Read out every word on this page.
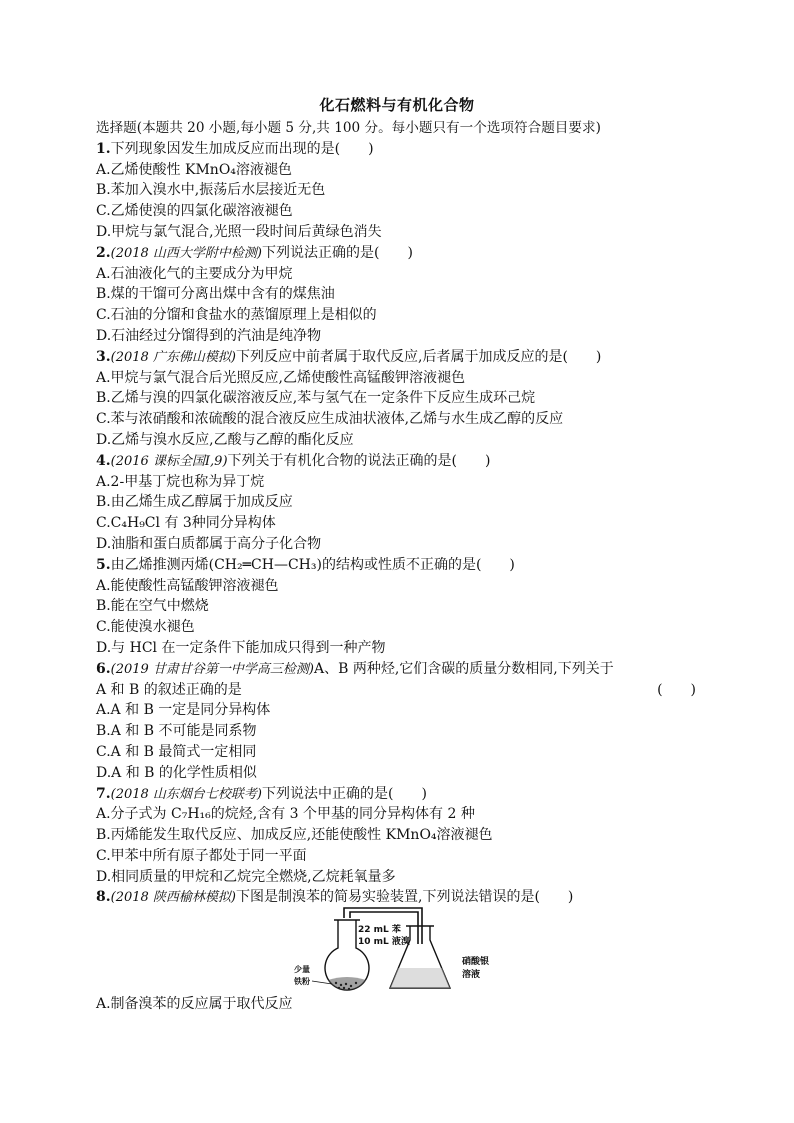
化石燃料与有机化合物
选择题(本题共 20 小题,每小题 5 分,共 100 分。每小题只有一个选项符合题目要求)
1.下列现象因发生加成反应而出现的是(　　)
A.乙烯使酸性 KMnO₄溶液褪色
B.苯加入溴水中,振荡后水层接近无色
C.乙烯使溴的四氯化碳溶液褪色
D.甲烷与氯气混合,光照一段时间后黄绿色消失
2.(2018 山西大学附中检测)下列说法正确的是(　　)
A.石油液化气的主要成分为甲烷
B.煤的干馏可分离出煤中含有的煤焦油
C.石油的分馏和食盐水的蒸馏原理上是相似的
D.石油经过分馏得到的汽油是纯净物
3.(2018 广东佛山模拟)下列反应中前者属于取代反应,后者属于加成反应的是(　　)
A.甲烷与氯气混合后光照反应,乙烯使酸性高锰酸钾溶液褪色
B.乙烯与溴的四氯化碳溶液反应,苯与氢气在一定条件下反应生成环己烷
C.苯与浓硝酸和浓硫酸的混合液反应生成油状液体,乙烯与水生成乙醇的反应
D.乙烯与溴水反应,乙酸与乙醇的酯化反应
4.(2016 课标全国Ⅰ,9)下列关于有机化合物的说法正确的是(　　)
A.2-甲基丁烷也称为异丁烷
B.由乙烯生成乙醇属于加成反应
C.C₄H₉Cl 有 3种同分异构体
D.油脂和蛋白质都属于高分子化合物
5.由乙烯推测丙烯(CH₂═CH—CH₃)的结构或性质不正确的是(　　)
A.能使酸性高锰酸钾溶液褪色
B.能在空气中燃烧
C.能使溴水褪色
D.与 HCl 在一定条件下能加成只得到一种产物
6.(2019 甘肃甘谷第一中学高三检测)A、B 两种烃,它们含碳的质量分数相同,下列关于
A 和 B 的叙述正确的是	(　　)
A.A 和 B 一定是同分异构体
B.A 和 B 不可能是同系物
C.A 和 B 最简式一定相同
D.A 和 B 的化学性质相似
7.(2018 山东烟台七校联考)下列说法中正确的是(　　)
A.分子式为 C₇H₁₆的烷烃,含有 3 个甲基的同分异构体有 2 种
B.丙烯能发生取代反应、加成反应,还能使酸性 KMnO₄溶液褪色
C.甲苯中所有原子都处于同一平面
D.相同质量的甲烷和乙烷完全燃烧,乙烷耗氧量多
8.(2018 陕西榆林模拟)下图是制溴苯的简易实验装置,下列说法错误的是(　　)
22 mL 苯
10 mL 液溴
少量
铁粉
硝酸银
溶液
A.制备溴苯的反应属于取代反应
